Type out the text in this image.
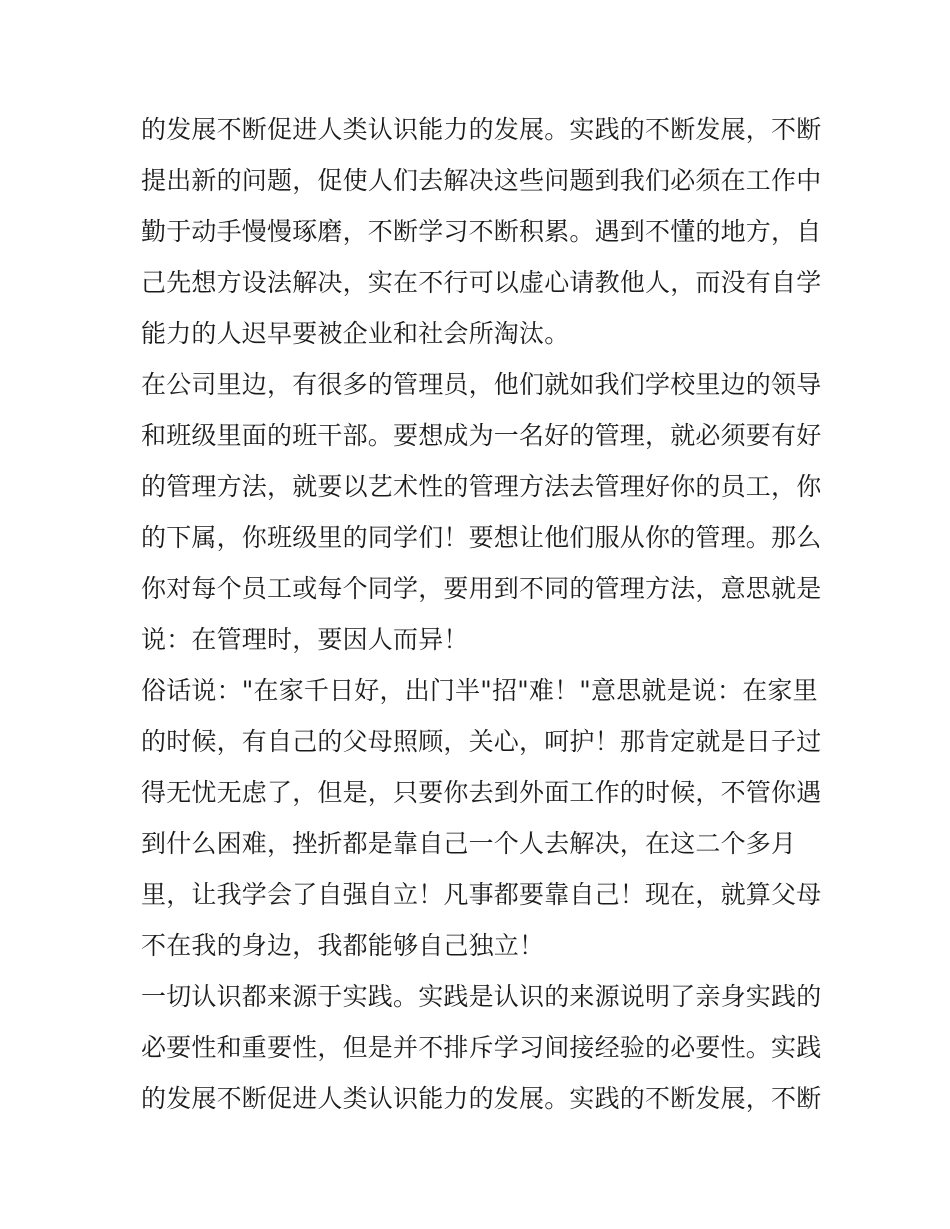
的发展不断促进人类认识能力的发展。实践的不断发展，不断
提出新的问题，促使人们去解决这些问题到我们必须在工作中
勤于动手慢慢琢磨，不断学习不断积累。遇到不懂的地方，自
己先想方设法解决，实在不行可以虚心请教他人，而没有自学
能力的人迟早要被企业和社会所淘汰。
在公司里边，有很多的管理员，他们就如我们学校里边的领导
和班级里面的班干部。要想成为一名好的管理，就必须要有好
的管理方法，就要以艺术性的管理方法去管理好你的员工，你
的下属，你班级里的同学们！要想让他们服从你的管理。那么
你对每个员工或每个同学，要用到不同的管理方法，意思就是
说：在管理时，要因人而异！
俗话说："在家千日好，出门半"招"难！"意思就是说：在家里
的时候，有自己的父母照顾，关心，呵护！那肯定就是日子过
得无忧无虑了，但是，只要你去到外面工作的时候，不管你遇
到什么困难，挫折都是靠自己一个人去解决，在这二个多月
里，让我学会了自强自立！凡事都要靠自己！现在，就算父母
不在我的身边，我都能够自己独立！
一切认识都来源于实践。实践是认识的来源说明了亲身实践的
必要性和重要性，但是并不排斥学习间接经验的必要性。实践
的发展不断促进人类认识能力的发展。实践的不断发展，不断
